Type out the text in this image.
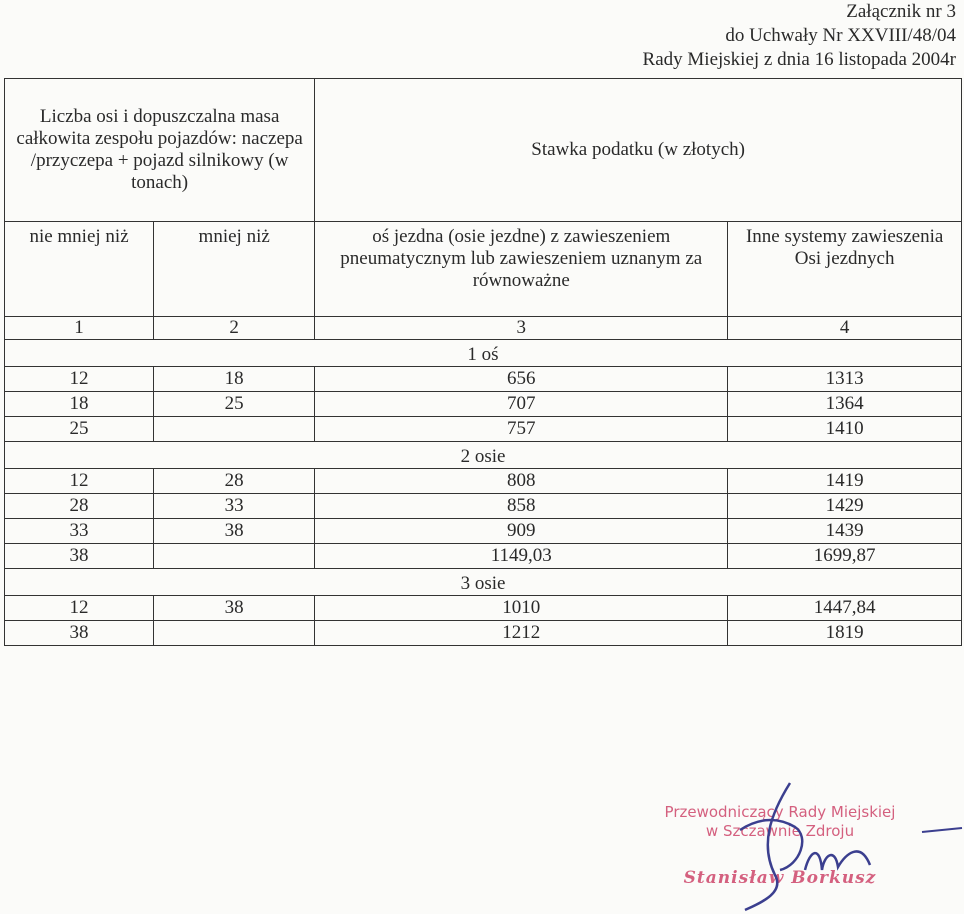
Załącznik nr 3
do Uchwały Nr XXVIII/48/04
Rady Miejskiej z dnia 16 listopada 2004r
Liczba osi i dopuszczalna masa całkowita zespołu pojazdów: naczepa /przyczepa + pojazd silnikowy (w tonach)		Stawka podatku (w złotych)	
nie mniej niż	mniej niż	oś jezdna (osie jezdne) z zawieszeniem pneumatycznym lub zawieszeniem uznanym za równoważne	Inne systemy zawieszenia Osi jezdnych
1	2	3	4
1 oś			
12	18	656	1313
18	25	707	1364
25		757	1410
2 osie			
12	28	808	1419
28	33	858	1429
33	38	909	1439
38		1149,03	1699,87
3 osie			
12	38	1010	1447,84
38		1212	1819
Przewodniczący Rady Miejskiej
w Szczawnie Zdroju
Stanisław Borkusz
